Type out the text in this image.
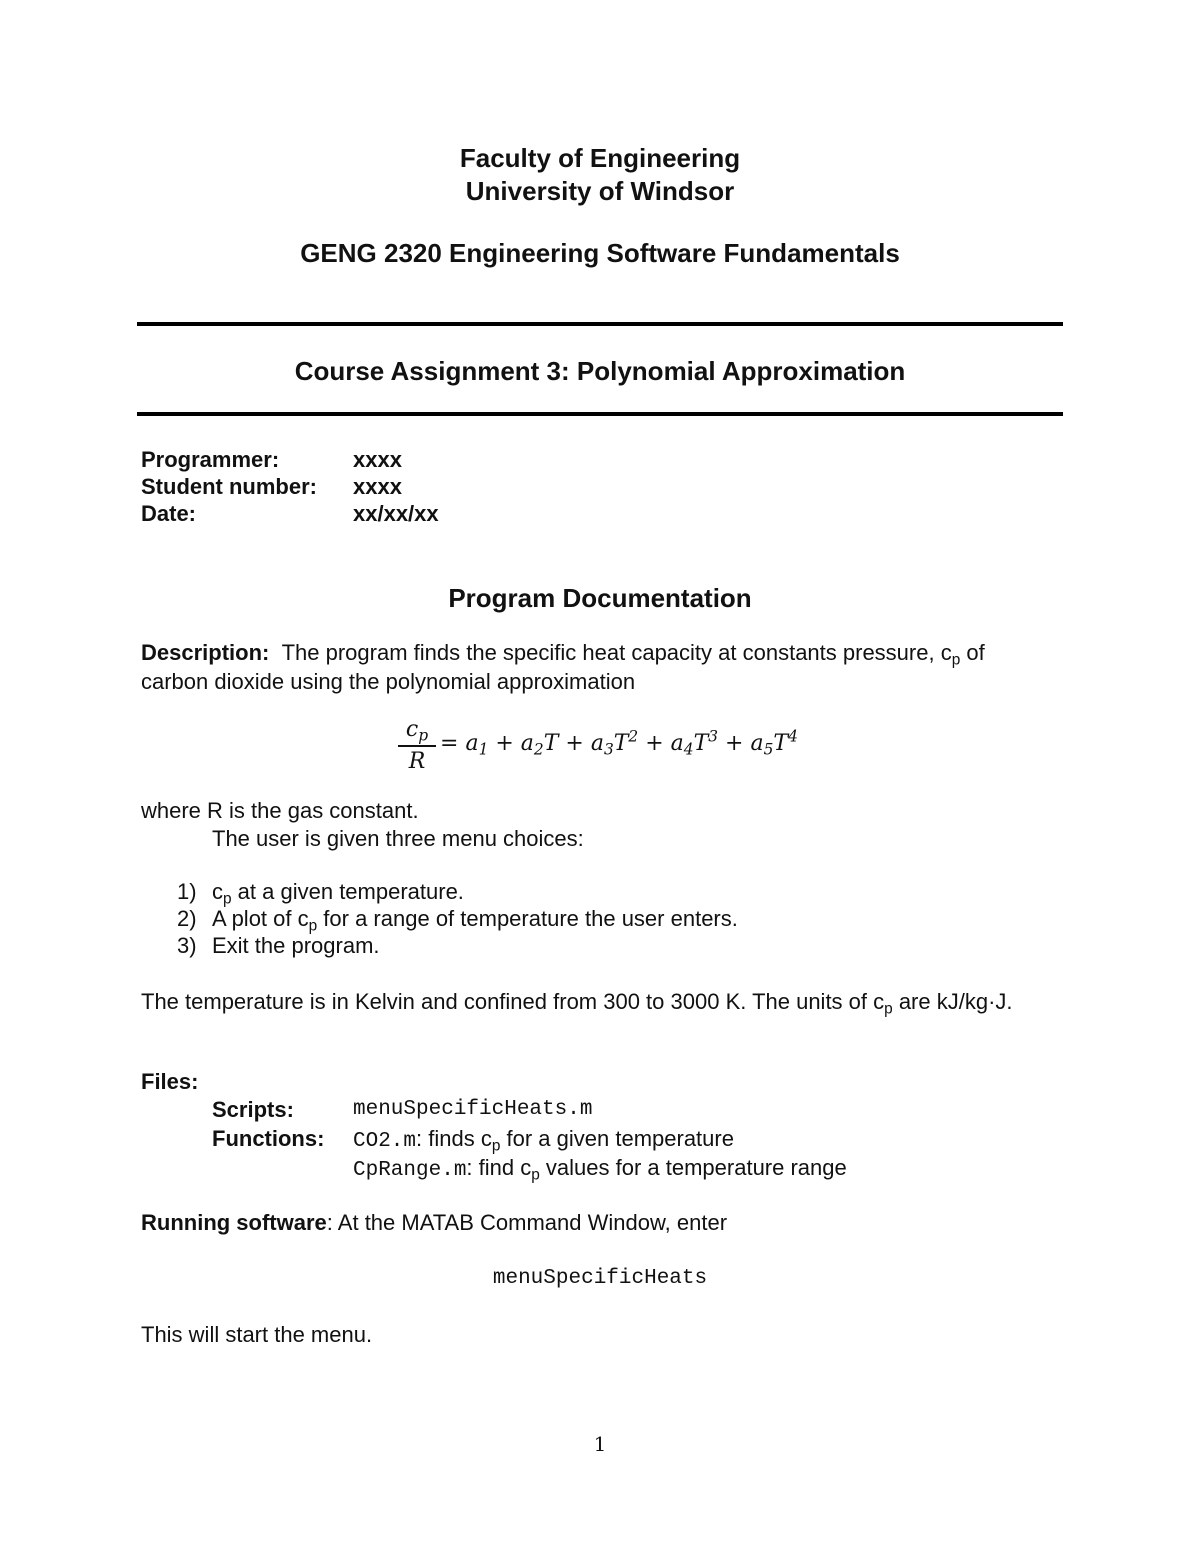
Faculty of Engineering
University of Windsor
GENG 2320 Engineering Software Fundamentals
Course Assignment 3: Polynomial Approximation
Programmer:	xxxx
Student number: xxxx
Date:	xx/xx/xx
Program Documentation
Description: The program finds the specific heat capacity at constants pressure, $c_p$ of
carbon dioxide using the polynomial approximation
$c_p$
R
= $a_1 + a_2T + a_3T^2 + a_4T^3 + a_5T^4$
where R is the gas constant.
The user is given three menu choices:
1) $c_p$ at a given temperature.
2) A plot of $c_p$ for a range of temperature the user enters.
3) Exit the program.
The temperature is in Kelvin and confined from 300 to 3000 K. The units of $c_p$ are kJ/kg·J.
Files:
Scripts:	menuSpecificHeats.m
Functions: CO2.m: finds $c_p$ for a given temperature
CpRange.m: find $c_p$ values for a temperature range
Running software: At the MATAB Command Window, enter
menuSpecificHeats
This will start the menu.
1
